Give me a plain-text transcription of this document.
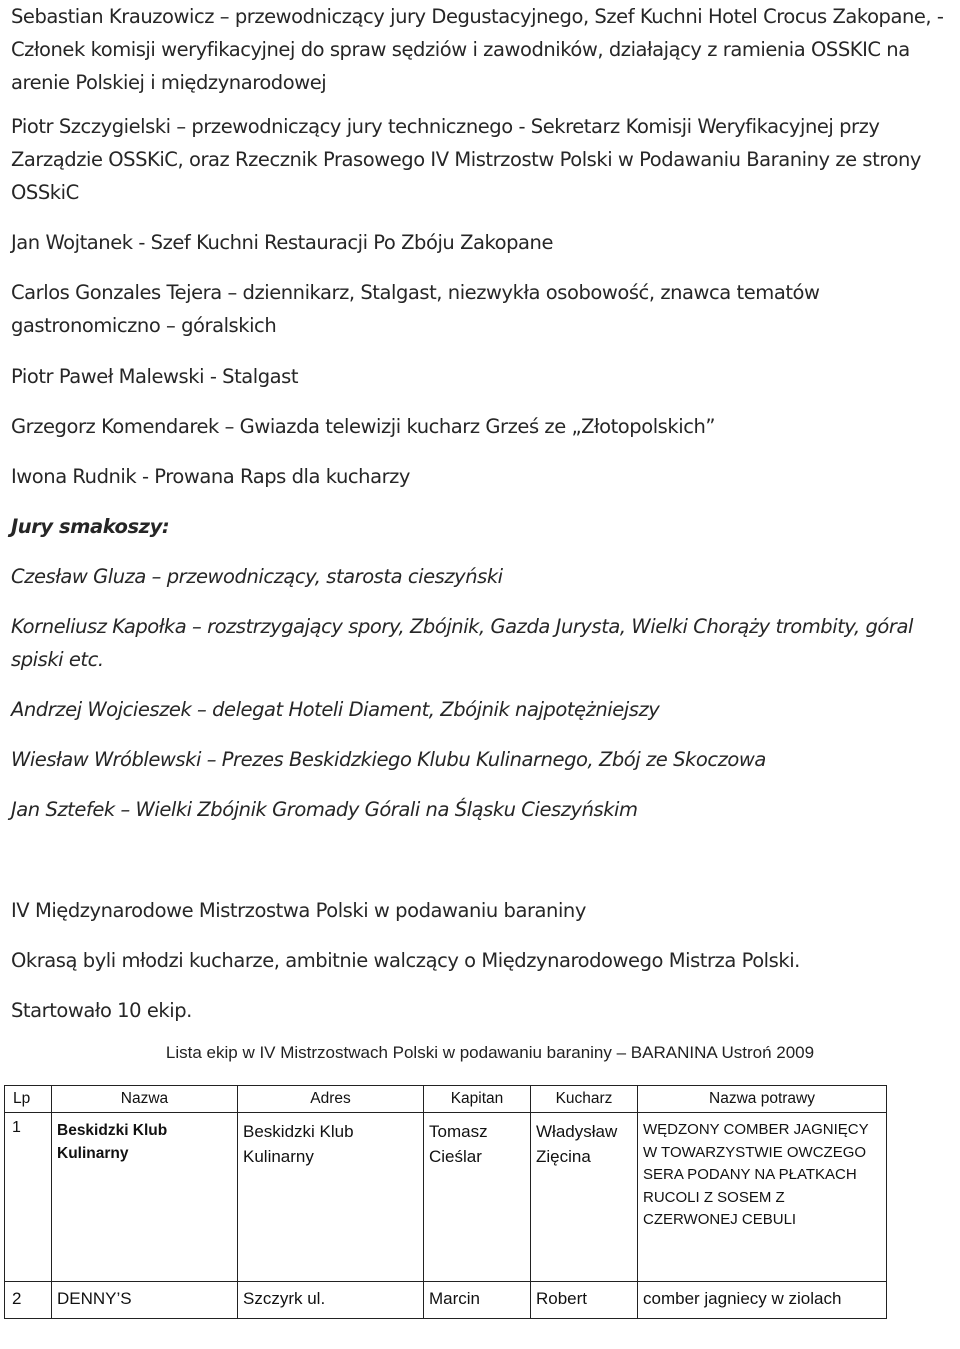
Sebastian Krauzowicz – przewodniczący jury Degustacyjnego, Szef Kuchni Hotel Crocus Zakopane, - Członek komisji weryfikacyjnej do spraw sędziów i zawodników, działający z ramienia OSSKIC na arenie Polskiej i międzynarodowej

Piotr Szczygielski – przewodniczący jury technicznego - Sekretarz Komisji Weryfikacyjnej przy Zarządzie OSSKiC, oraz Rzecznik Prasowego IV Mistrzostw Polski w Podawaniu Baraniny ze strony OSSkiC

Jan Wojtanek - Szef Kuchni Restauracji Po Zbóju Zakopane

Carlos Gonzales Tejera – dziennikarz, Stalgast, niezwykła osobowość, znawca tematów gastronomiczno – góralskich

Piotr Paweł Malewski - Stalgast

Grzegorz Komendarek – Gwiazda telewizji kucharz Grześ ze „Złotopolskich”

Iwona Rudnik - Prowana Raps dla kucharzy

Jury smakoszy:

Czesław Gluza – przewodniczący, starosta cieszyński

Korneliusz Kapołka – rozstrzygający spory, Zbójnik, Gazda Jurysta, Wielki Chorąży trombity, góral spiski etc.

Andrzej Wojcieszek – delegat Hoteli Diament, Zbójnik najpotężniejszy

Wiesław Wróblewski – Prezes Beskidzkiego Klubu Kulinarnego, Zbój ze Skoczowa

Jan Sztefek – Wielki Zbójnik Gromady Górali na Śląsku Cieszyńskim

IV Międzynarodowe Mistrzostwa Polski w podawaniu baraniny

Okrasą byli młodzi kucharze, ambitnie walczący o Międzynarodowego Mistrza Polski.

Startowało 10 ekip.

Lista ekip w IV Mistrzostwach Polski w podawaniu baraniny – BARANINA Ustroń 2009
Lp	Nazwa	Adres	Kapitan	Kucharz	Nazwa potrawy
1	Beskidzki Klub Kulinarny	Beskidzki Klub Kulinarny	Tomasz Cieślar	Władysław Zięcina	WĘDZONY COMBER JAGNIĘCY W TOWARZYSTWIE OWCZEGO SERA PODANY NA PŁATKACH RUCOLI Z SOSEM Z CZERWONEJ CEBULI
2	DENNY’S	Szczyrk ul.	Marcin	Robert	comber jagniecy w ziolach
